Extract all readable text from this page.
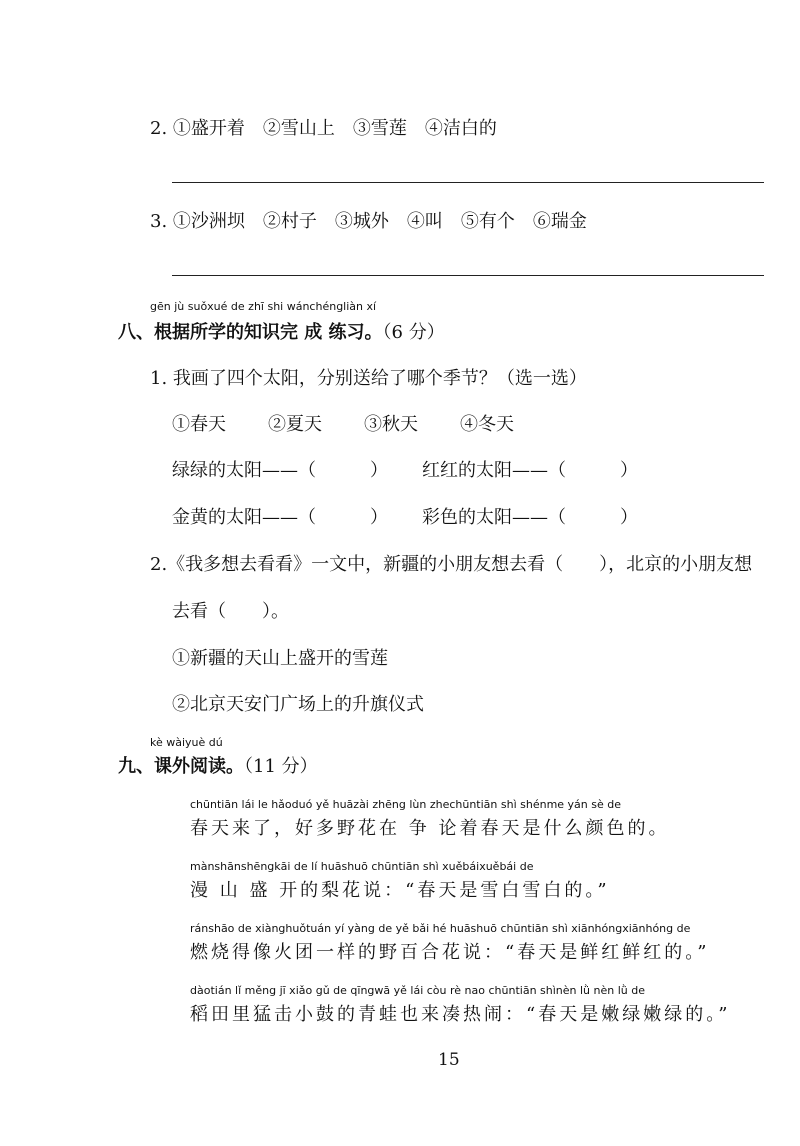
2. ①盛开着　②雪山上　③雪莲　④洁白的
3. ①沙洲坝　②村子　③城外　④叫　⑤有个　⑥瑞金
gēn jù suǒxué de zhī shi wánchéngliàn xí
八、根据所学的知识完 成 练习。（6 分）
1. 我画了四个太阳，分别送给了哪个季节？（选一选）
①春天 ②夏天 ③秋天 ④冬天
绿绿的太阳——（　　　） 红红的太阳——（　　　）
金黄的太阳——（　　　） 彩色的太阳——（　　　）
2.《我多想去看看》一文中，新疆的小朋友想去看（　　），北京的小朋友想
去看（　　）。
①新疆的天山上盛开的雪莲
②北京天安门广场上的升旗仪式
kè wàiyuè dú
九、课外阅读。（11 分）
chūntiān lái le hǎoduó yě huāzài zhēng lùn zhechūntiān shì shénme yán sè de
春天来了，好多野花在 争 论着春天是什么颜色的。
mànshānshēngkāi de lí huāshuō chūntiān shì xuěbáixuěbái de
漫 山 盛 开的梨花说：“春天是雪白雪白的。”
ránshāo de xiànghuǒtuán yí yàng de yě bǎi hé huāshuō chūntiān shì xiānhóngxiānhóng de
燃烧得像火团一样的野百合花说：“春天是鲜红鲜红的。”
dàotián lǐ měng jī xiǎo gǔ de qīngwā yě lái còu rè nao chūntiān shìnèn lǜ nèn lǜ de
稻田里猛击小鼓的青蛙也来凑热闹：“春天是嫩绿嫩绿的。”
15
